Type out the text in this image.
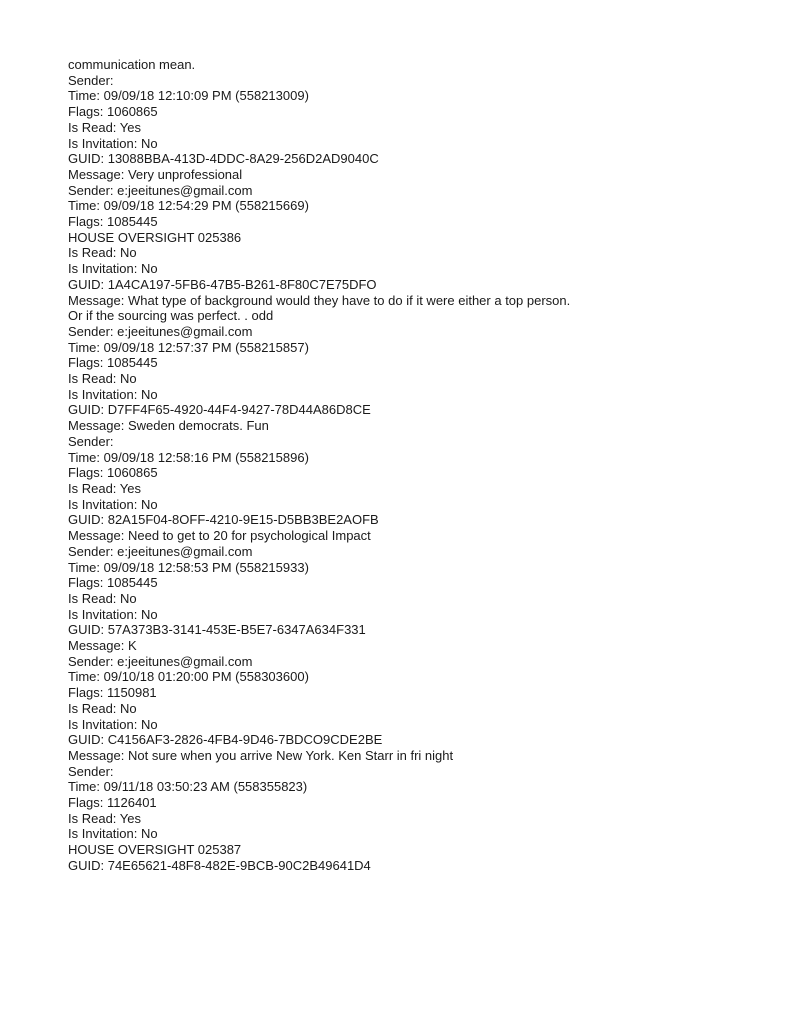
communication mean.
Sender:
Time: 09/09/18 12:10:09 PM (558213009)
Flags: 1060865
Is Read: Yes
Is Invitation: No
GUID: 13088BBA-413D-4DDC-8A29-256D2AD9040C
Message: Very unprofessional
Sender: e:jeeitunes@gmail.com
Time: 09/09/18 12:54:29 PM (558215669)
Flags: 1085445
HOUSE OVERSIGHT 025386
Is Read: No
Is Invitation: No
GUID: 1A4CA197-5FB6-47B5-B261-8F80C7E75DFO
Message: What type of background would they have to do if it were either a top person.
Or if the sourcing was perfect. . odd
Sender: e:jeeitunes@gmail.com
Time: 09/09/18 12:57:37 PM (558215857)
Flags: 1085445
Is Read: No
Is Invitation: No
GUID: D7FF4F65-4920-44F4-9427-78D44A86D8CE
Message: Sweden democrats. Fun
Sender:
Time: 09/09/18 12:58:16 PM (558215896)
Flags: 1060865
Is Read: Yes
Is Invitation: No
GUID: 82A15F04-8OFF-4210-9E15-D5BB3BE2AOFB
Message: Need to get to 20 for psychological Impact
Sender: e:jeeitunes@gmail.com
Time: 09/09/18 12:58:53 PM (558215933)
Flags: 1085445
Is Read: No
Is Invitation: No
GUID: 57A373B3-3141-453E-B5E7-6347A634F331
Message: K
Sender: e:jeeitunes@gmail.com
Time: 09/10/18 01:20:00 PM (558303600)
Flags: 1150981
Is Read: No
Is Invitation: No
GUID: C4156AF3-2826-4FB4-9D46-7BDCO9CDE2BE
Message: Not sure when you arrive New York. Ken Starr in fri night
Sender:
Time: 09/11/18 03:50:23 AM (558355823)
Flags: 1126401
Is Read: Yes
Is Invitation: No
HOUSE OVERSIGHT 025387
GUID: 74E65621-48F8-482E-9BCB-90C2B49641D4
